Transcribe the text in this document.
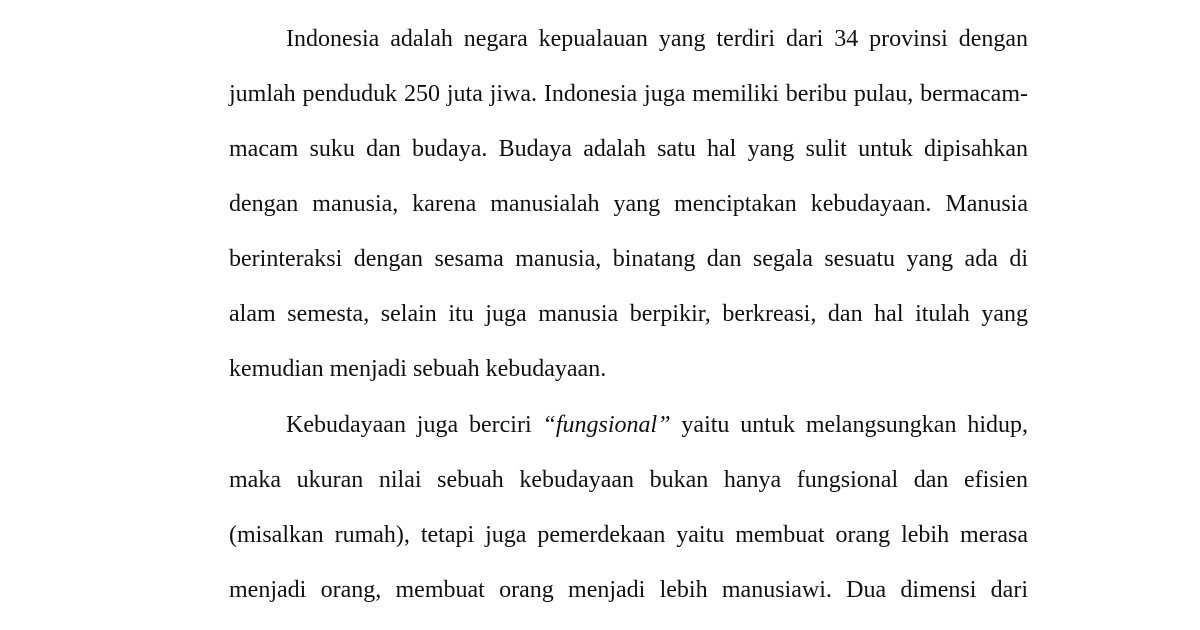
Indonesia adalah negara kepualauan yang terdiri dari 34 provinsi dengan
jumlah penduduk 250 juta jiwa. Indonesia juga memiliki beribu pulau, bermacam-
macam suku dan budaya. Budaya adalah satu hal yang sulit untuk dipisahkan
dengan manusia, karena manusialah yang menciptakan kebudayaan. Manusia
berinteraksi dengan sesama manusia, binatang dan segala sesuatu yang ada di
alam semesta, selain itu juga manusia berpikir, berkreasi, dan hal itulah yang
kemudian menjadi sebuah kebudayaan.
Kebudayaan juga berciri “fungsional” yaitu untuk melangsungkan hidup,
maka ukuran nilai sebuah kebudayaan bukan hanya fungsional dan efisien
(misalkan rumah), tetapi juga pemerdekaan yaitu membuat orang lebih merasa
menjadi orang, membuat orang menjadi lebih manusiawi. Dua dimensi dari
